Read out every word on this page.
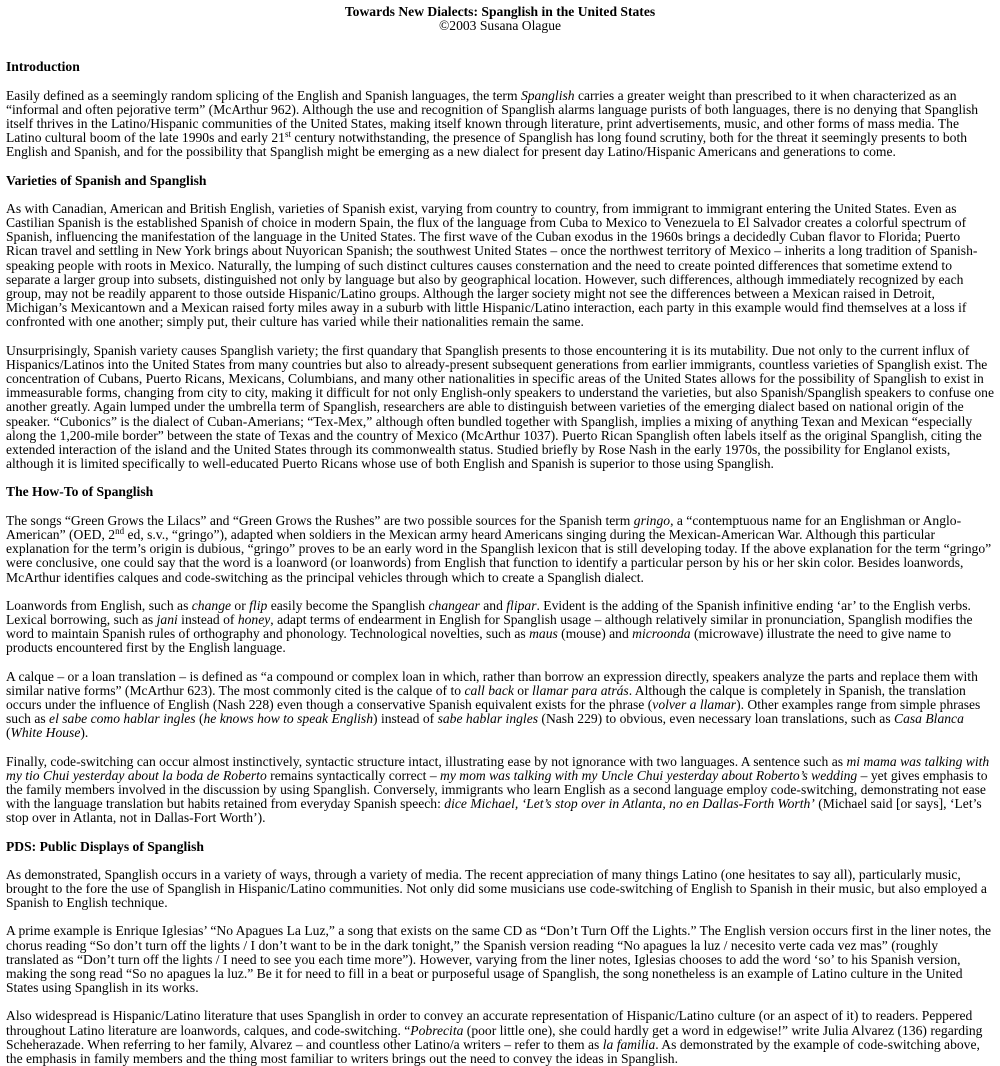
Towards New Dialects: Spanglish in the United States
©2003 Susana Olague
Introduction

Easily defined as a seemingly random splicing of the English and Spanish languages, the term Spanglish carries a greater weight than prescribed to it when characterized as an “informal and often pejorative term” (McArthur 962). Although the use and recognition of Spanglish alarms language purists of both languages, there is no denying that Spanglish itself thrives in the Latino/Hispanic communities of the United States, making itself known through literature, print advertisements, music, and other forms of mass media. The Latino cultural boom of the late 1990s and early 21st century notwithstanding, the presence of Spanglish has long found scrutiny, both for the threat it seemingly presents to both English and Spanish, and for the possibility that Spanglish might be emerging as a new dialect for present day Latino/Hispanic Americans and generations to come.

Varieties of Spanish and Spanglish

As with Canadian, American and British English, varieties of Spanish exist, varying from country to country, from immigrant to immigrant entering the United States. Even as Castilian Spanish is the established Spanish of choice in modern Spain, the flux of the language from Cuba to Mexico to Venezuela to El Salvador creates a colorful spectrum of Spanish, influencing the manifestation of the language in the United States. The first wave of the Cuban exodus in the 1960s brings a decidedly Cuban flavor to Florida; Puerto Rican travel and settling in New York brings about Nuyorican Spanish; the southwest United States – once the northwest territory of Mexico – inherits a long tradition of Spanish-speaking people with roots in Mexico. Naturally, the lumping of such distinct cultures causes consternation and the need to create pointed differences that sometime extend to separate a larger group into subsets, distinguished not only by language but also by geographical location. However, such differences, although immediately recognized by each group, may not be readily apparent to those outside Hispanic/Latino groups. Although the larger society might not see the differences between a Mexican raised in Detroit, Michigan’s Mexicantown and a Mexican raised forty miles away in a suburb with little Hispanic/Latino interaction, each party in this example would find themselves at a loss if confronted with one another; simply put, their culture has varied while their nationalities remain the same.

Unsurprisingly, Spanish variety causes Spanglish variety; the first quandary that Spanglish presents to those encountering it is its mutability. Due not only to the current influx of Hispanics/Latinos into the United States from many countries but also to already-present subsequent generations from earlier immigrants, countless varieties of Spanglish exist. The concentration of Cubans, Puerto Ricans, Mexicans, Columbians, and many other nationalities in specific areas of the United States allows for the possibility of Spanglish to exist in immeasurable forms, changing from city to city, making it difficult for not only English-only speakers to understand the varieties, but also Spanish/Spanglish speakers to confuse one another greatly. Again lumped under the umbrella term of Spanglish, researchers are able to distinguish between varieties of the emerging dialect based on national origin of the speaker. “Cubonics” is the dialect of Cuban-Amerians; “Tex-Mex,” although often bundled together with Spanglish, implies a mixing of anything Texan and Mexican “especially along the 1,200-mile border” between the state of Texas and the country of Mexico (McArthur 1037). Puerto Rican Spanglish often labels itself as the original Spanglish, citing the extended interaction of the island and the United States through its commonwealth status. Studied briefly by Rose Nash in the early 1970s, the possibility for Englanol exists, although it is limited specifically to well-educated Puerto Ricans whose use of both English and Spanish is superior to those using Spanglish.

The How-To of Spanglish

The songs “Green Grows the Lilacs” and “Green Grows the Rushes” are two possible sources for the Spanish term gringo, a “contemptuous name for an Englishman or Anglo-American” (OED, 2nd ed, s.v., “gringo”), adapted when soldiers in the Mexican army heard Americans singing during the Mexican-American War. Although this particular explanation for the term’s origin is dubious, “gringo” proves to be an early word in the Spanglish lexicon that is still developing today. If the above explanation for the term “gringo” were conclusive, one could say that the word is a loanword (or loanwords) from English that function to identify a particular person by his or her skin color. Besides loanwords, McArthur identifies calques and code-switching as the principal vehicles through which to create a Spanglish dialect.

Loanwords from English, such as change or flip easily become the Spanglish changear and flipar. Evident is the adding of the Spanish infinitive ending ‘ar’ to the English verbs. Lexical borrowing, such as jani instead of honey, adapt terms of endearment in English for Spanglish usage – although relatively similar in pronunciation, Spanglish modifies the word to maintain Spanish rules of orthography and phonology. Technological novelties, such as maus (mouse) and microonda (microwave) illustrate the need to give name to products encountered first by the English language.

A calque – or a loan translation – is defined as “a compound or complex loan in which, rather than borrow an expression directly, speakers analyze the parts and replace them with similar native forms” (McArthur 623). The most commonly cited is the calque of to call back or llamar para atrás. Although the calque is completely in Spanish, the translation occurs under the influence of English (Nash 228) even though a conservative Spanish equivalent exists for the phrase (volver a llamar). Other examples range from simple phrases such as el sabe como hablar ingles (he knows how to speak English) instead of sabe hablar ingles (Nash 229) to obvious, even necessary loan translations, such as Casa Blanca (White House).

Finally, code-switching can occur almost instinctively, syntactic structure intact, illustrating ease by not ignorance with two languages. A sentence such as mi mama was talking with my tio Chui yesterday about la boda de Roberto remains syntactically correct – my mom was talking with my Uncle Chui yesterday about Roberto’s wedding – yet gives emphasis to the family members involved in the discussion by using Spanglish. Conversely, immigrants who learn English as a second language employ code-switching, demonstrating not ease with the language translation but habits retained from everyday Spanish speech: dice Michael, ‘Let’s stop over in Atlanta, no en Dallas-Forth Worth’ (Michael said [or says], ‘Let’s stop over in Atlanta, not in Dallas-Fort Worth’).

PDS: Public Displays of Spanglish

As demonstrated, Spanglish occurs in a variety of ways, through a variety of media. The recent appreciation of many things Latino (one hesitates to say all), particularly music, brought to the fore the use of Spanglish in Hispanic/Latino communities. Not only did some musicians use code-switching of English to Spanish in their music, but also employed a Spanish to English technique.

A prime example is Enrique Iglesias’ “No Apagues La Luz,” a song that exists on the same CD as “Don’t Turn Off the Lights.” The English version occurs first in the liner notes, the chorus reading “So don’t turn off the lights / I don’t want to be in the dark tonight,” the Spanish version reading “No apagues la luz / necesito verte cada vez mas” (roughly translated as “Don’t turn off the lights / I need to see you each time more”). However, varying from the liner notes, Iglesias chooses to add the word ‘so’ to his Spanish version, making the song read “So no apagues la luz.” Be it for need to fill in a beat or purposeful usage of Spanglish, the song nonetheless is an example of Latino culture in the United States using Spanglish in its works.

Also widespread is Hispanic/Latino literature that uses Spanglish in order to convey an accurate representation of Hispanic/Latino culture (or an aspect of it) to readers. Peppered throughout Latino literature are loanwords, calques, and code-switching. “Pobrecita (poor little one), she could hardly get a word in edgewise!” write Julia Alvarez (136) regarding Scheherazade. When referring to her family, Alvarez – and countless other Latino/a writers – refer to them as la familia. As demonstrated by the example of code-switching above, the emphasis in family members and the thing most familiar to writers brings out the need to convey the ideas in Spanglish.
